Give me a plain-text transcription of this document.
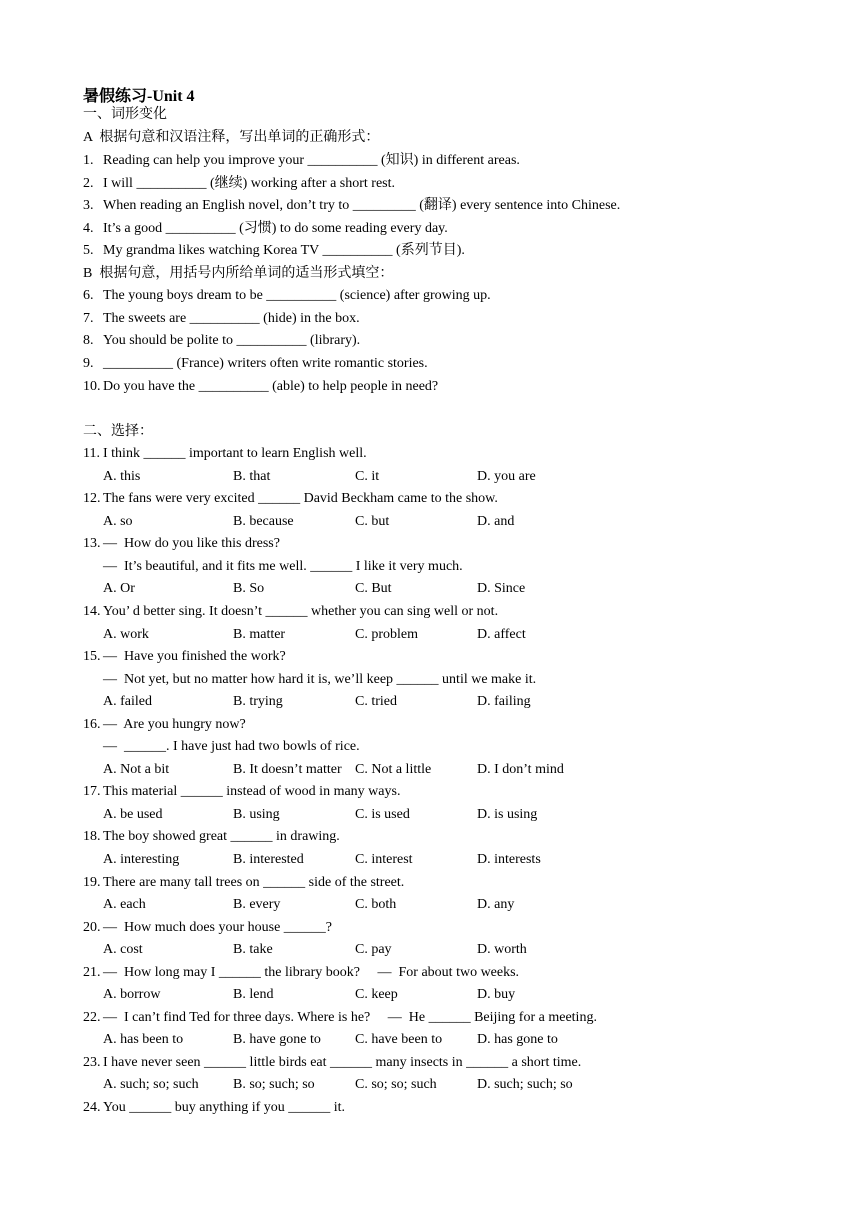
暑假练习-Unit 4
一、词形变化
A  根据句意和汉语注释，写出单词的正确形式：
1. Reading can help you improve your __________ (知识) in different areas.
2. I will __________ (继续) working after a short rest.
3. When reading an English novel, don’t try to _________ (翻译) every sentence into Chinese.
4. It’s a good __________ (习惯) to do some reading every day.
5. My grandma likes watching Korea TV __________ (系列节目).
B  根据句意，用括号内所给单词的适当形式填空：
6. The young boys dream to be __________ (science) after growing up.
7. The sweets are __________ (hide) in the box.
8. You should be polite to __________ (library).
9. __________ (France) writers often write romantic stories.
10. Do you have the __________ (able) to help people in need?
二、选择：
11. I think ______ important to learn English well.
A. this	B. that	C. it	D. you are
12. The fans were very excited ______ David Beckham came to the show.
A. so	B. because	C. but	D. and
13. —  How do you like this dress?
—  It’s beautiful, and it fits me well. ______ I like it very much.
A. Or	B. So	C. But	D. Since
14. You’ d better sing. It doesn’t ______ whether you can sing well or not.
A. work	B. matter	C. problem	D. affect
15. —  Have you finished the work?
—  Not yet, but no matter how hard it is, we’ll keep ______ until we make it.
A. failed	B. trying	C. tried	D. failing
16. —  Are you hungry now?
—  ______. I have just had two bowls of rice.
A. Not a bit	B. It doesn’t matter C. Not a little	D. I don’t mind
17. This material ______ instead of wood in many ways.
A. be used	B. using	C. is used	D. is using
18. The boy showed great ______ in drawing.
A. interesting	B. interested	C. interest	D. interests
19. There are many tall trees on ______ side of the street.
A. each	B. every	C. both	D. any
20. —  How much does your house ______?
A. cost	B. take	C. pay	D. worth
21. —  How long may I ______ the library book?     —  For about two weeks.
A. borrow	B. lend	C. keep	D. buy
22. —  I can’t find Ted for three days. Where is he?     —  He ______ Beijing for a meeting.
A. has been to	B. have gone to C. have been to D. has gone to
23. I have never seen ______ little birds eat ______ many insects in ______ a short time.
A. such; so; such B. so; such; so	C. so; so; such	D. such; such; so
24. You ______ buy anything if you ______ it.
